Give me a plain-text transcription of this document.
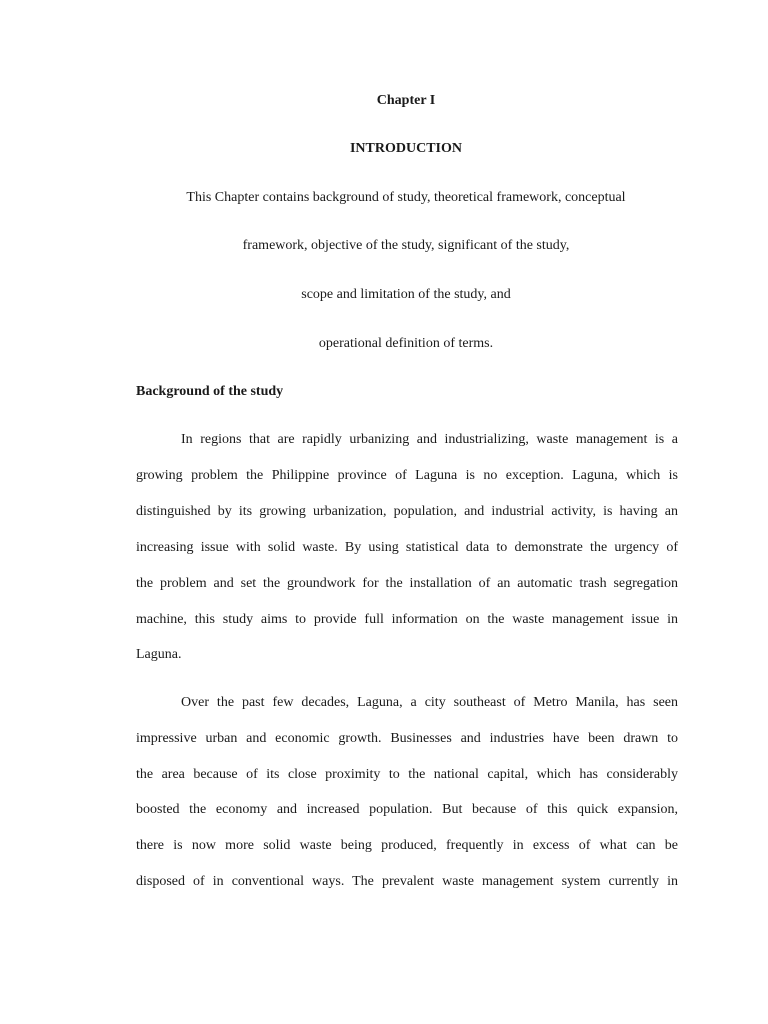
Chapter I

INTRODUCTION

This Chapter contains background of study, theoretical framework, conceptual

framework, objective of the study, significant of the study,

scope and limitation of the study, and

operational definition of terms.

Background of the study

In regions that are rapidly urbanizing and industrializing, waste management is a

growing problem the Philippine province of Laguna is no exception. Laguna, which is

distinguished by its growing urbanization, population, and industrial activity, is having an

increasing issue with solid waste. By using statistical data to demonstrate the urgency of

the problem and set the groundwork for the installation of an automatic trash segregation

machine, this study aims to provide full information on the waste management issue in

Laguna.

Over the past few decades, Laguna, a city southeast of Metro Manila, has seen

impressive urban and economic growth. Businesses and industries have been drawn to

the area because of its close proximity to the national capital, which has considerably

boosted the economy and increased population. But because of this quick expansion,

there is now more solid waste being produced, frequently in excess of what can be

disposed of in conventional ways. The prevalent waste management system currently in
